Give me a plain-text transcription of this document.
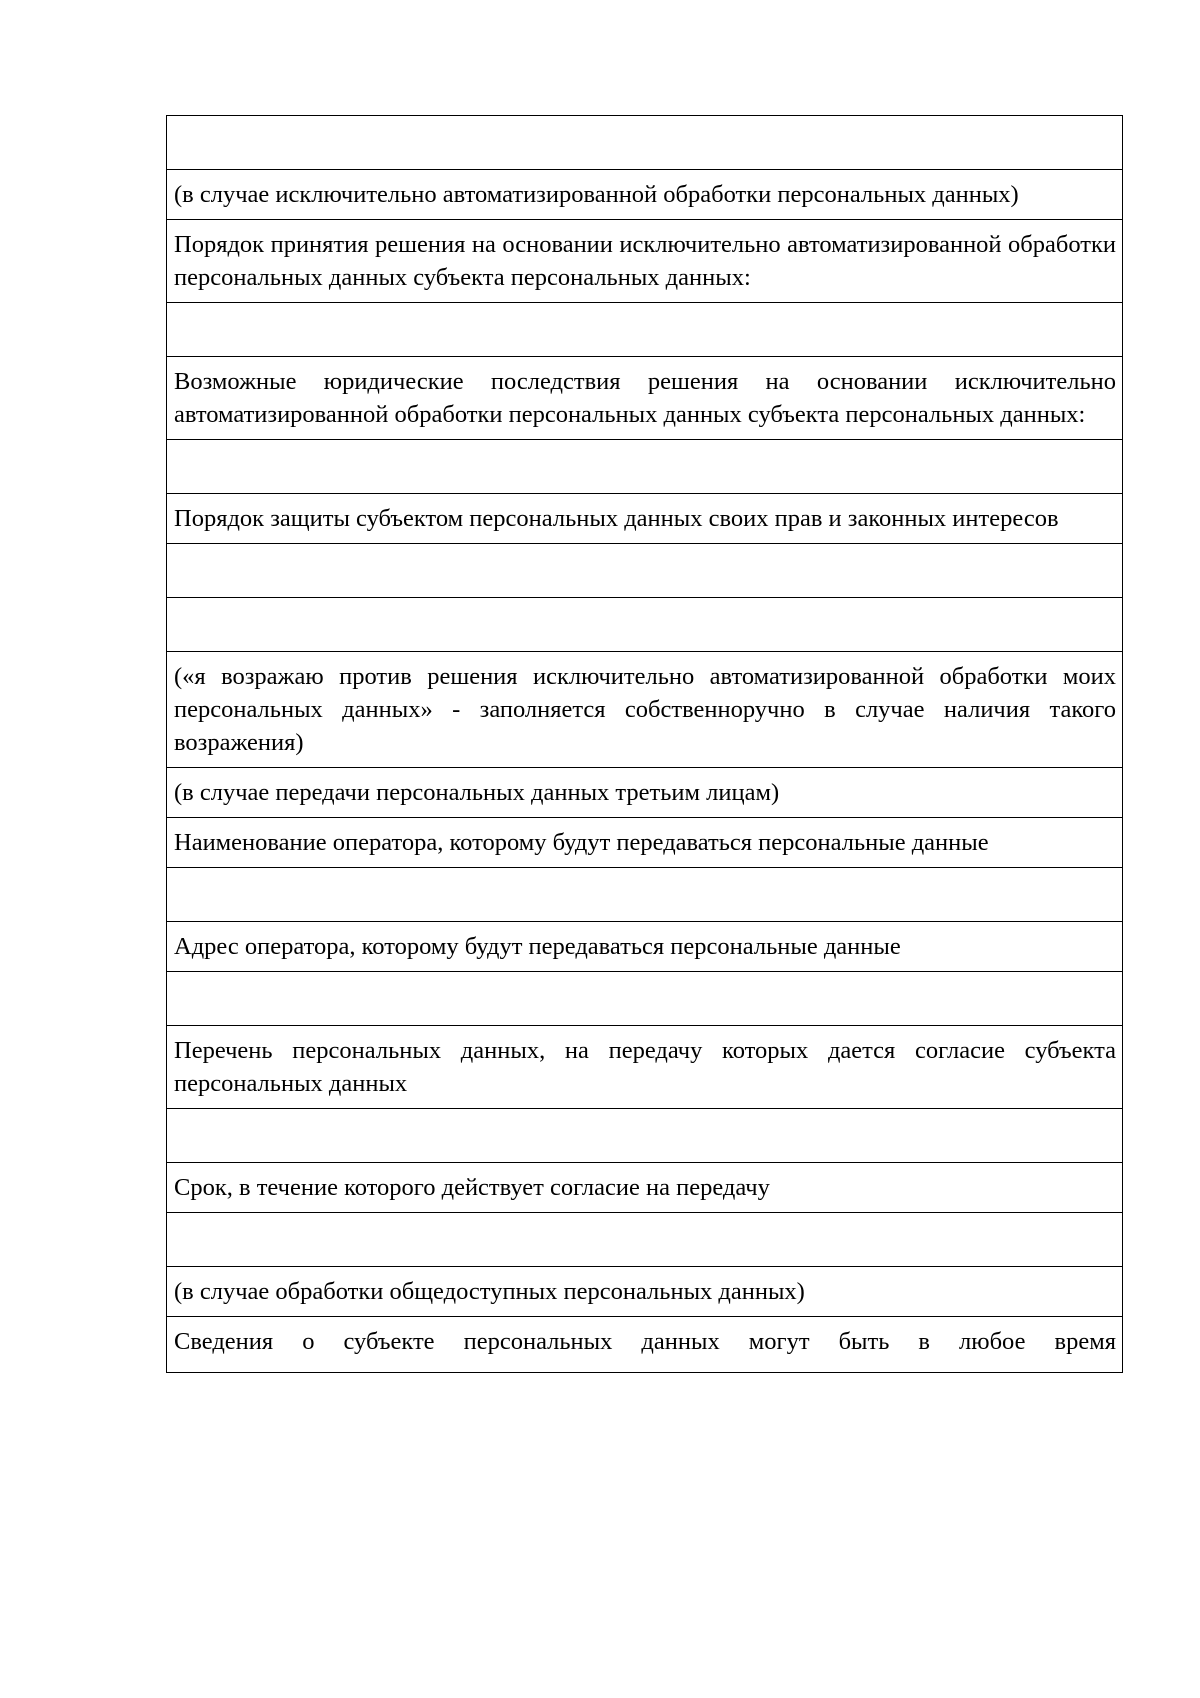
(в случае исключительно автоматизированной обработки персональных данных)
Порядок принятия решения на основании исключительно автоматизированной обработки персональных данных субъекта персональных данных:

Возможные юридические последствия решения на основании исключительно автоматизированной обработки персональных данных субъекта персональных данных:

Порядок защиты субъектом персональных данных своих прав и законных интересов

(«я возражаю против решения исключительно автоматизированной обработки моих персональных данных» - заполняется собственноручно в случае наличия такого возражения)
(в случае передачи персональных данных третьим лицам)
Наименование оператора, которому будут передаваться персональные данные

Адрес оператора, которому будут передаваться персональные данные

Перечень персональных данных, на передачу которых дается согласие субъекта персональных данных

Срок, в течение которого действует согласие на передачу

(в случае обработки общедоступных персональных данных)
Сведения о субъекте персональных данных могут быть в любое время
